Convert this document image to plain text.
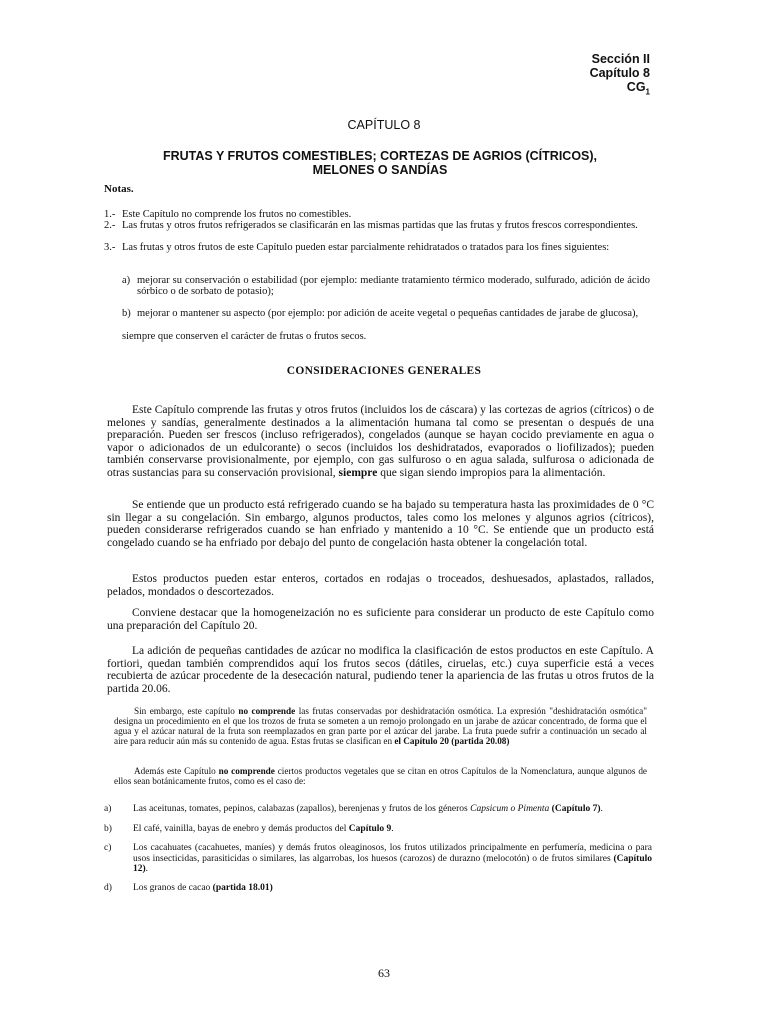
Sección II
Capítulo 8
$CG_1$
CAPÍTULO 8
FRUTAS Y FRUTOS COMESTIBLES; CORTEZAS DE AGRIOS (CÍTRICOS),
MELONES O SANDÍAS
Notas.
1.- Este Capítulo no comprende los frutos no comestibles.
2.- Las frutas y otros frutos refrigerados se clasificarán en las mismas partidas que las frutas y frutos frescos correspondientes.
3.- Las frutas y otros frutos de este Capítulo pueden estar parcialmente rehidratados o tratados para los fines siguientes:
a) mejorar su conservación o estabilidad (por ejemplo: mediante tratamiento térmico moderado, sulfurado, adición de ácido sórbico o de sorbato de potasio);
b) mejorar o mantener su aspecto (por ejemplo: por adición de aceite vegetal o pequeñas cantidades de jarabe de glucosa),
siempre que conserven el carácter de frutas o frutos secos.
CONSIDERACIONES GENERALES
Este Capítulo comprende las frutas y otros frutos (incluidos los de cáscara) y las cortezas de agrios (cítricos) o de melones y sandías, generalmente destinados a la alimentación humana tal como se presentan o después de una preparación. Pueden ser frescos (incluso refrigerados), congelados (aunque se hayan cocido previamente en agua o vapor o adicionados de un edulcorante) o secos (incluidos los deshidratados, evaporados o liofilizados); pueden también conservarse provisionalmente, por ejemplo, con gas sulfuroso o en agua salada, sulfurosa o adicionada de otras sustancias para su conservación provisional, siempre que sigan siendo impropios para la alimentación.
Se entiende que un producto está refrigerado cuando se ha bajado su temperatura hasta las proximidades de 0 °C sin llegar a su congelación. Sin embargo, algunos productos, tales como los melones y algunos agrios (cítricos), pueden considerarse refrigerados cuando se han enfriado y mantenido a 10 °C. Se entiende que un producto está congelado cuando se ha enfriado por debajo del punto de congelación hasta obtener la congelación total.
Estos productos pueden estar enteros, cortados en rodajas o troceados, deshuesados, aplastados, rallados, pelados, mondados o descortezados.
Conviene destacar que la homogeneización no es suficiente para considerar un producto de este Capítulo como una preparación del Capítulo 20.
La adición de pequeñas cantidades de azúcar no modifica la clasificación de estos productos en este Capítulo. A fortiori, quedan también comprendidos aquí los frutos secos (dátiles, ciruelas, etc.) cuya superficie está a veces recubierta de azúcar procedente de la desecación natural, pudiendo tener la apariencia de las frutas u otros frutos de la partida 20.06.
Sin embargo, este capítulo no comprende las frutas conservadas por deshidratación osmótica. La expresión "deshidratación osmótica" designa un procedimiento en el que los trozos de fruta se someten a un remojo prolongado en un jarabe de azúcar concentrado, de forma que el agua y el azúcar natural de la fruta son reemplazados en gran parte por el azúcar del jarabe. La fruta puede sufrir a continuación un secado al aire para reducir aún más su contenido de agua. Estas frutas se clasifican en el Capítulo 20 (partida 20.08)
Además este Capítulo no comprende ciertos productos vegetales que se citan en otros Capítulos de la Nomenclatura, aunque algunos de ellos sean botánicamente frutos, como es el caso de:
a)	Las aceitunas, tomates, pepinos, calabazas (zapallos), berenjenas y frutos de los géneros Capsicum o Pimenta (Capítulo 7).
b)	El café, vainilla, bayas de enebro y demás productos del Capítulo 9.
c)	Los cacahuates (cacahuetes, maníes) y demás frutos oleaginosos, los frutos utilizados principalmente en perfumería, medicina o para usos insecticidas, parasiticidas o similares, las algarrobas, los huesos (carozos) de durazno (melocotón) o de frutos similares (Capítulo 12).
d)	Los granos de cacao (partida 18.01)
63
